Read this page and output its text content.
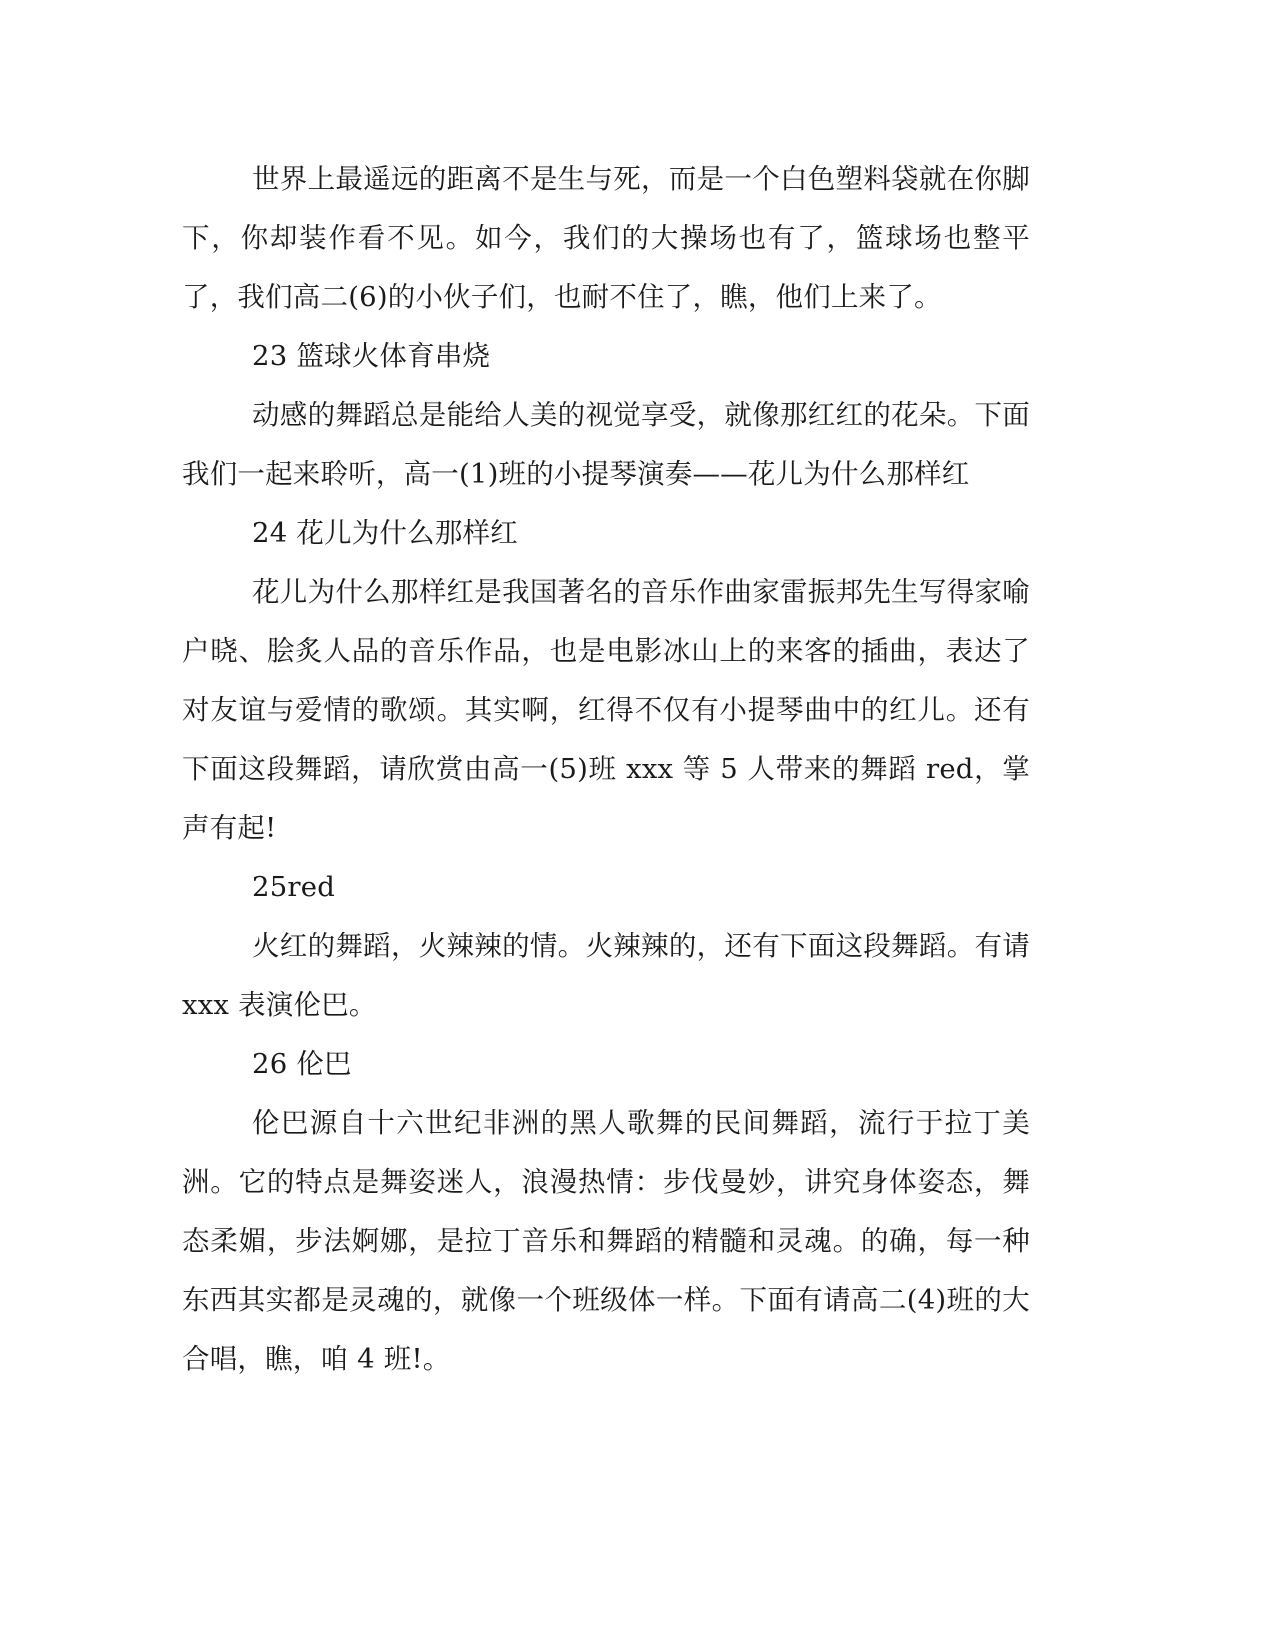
世界上最遥远的距离不是生与死，而是一个白色塑料袋就在你脚下，你却装作看不见。如今，我们的大操场也有了，篮球场也整平了，我们高二(6)的小伙子们，也耐不住了，瞧，他们上来了。

23 篮球火体育串烧

动感的舞蹈总是能给人美的视觉享受，就像那红红的花朵。下面我们一起来聆听，高一(1)班的小提琴演奏——花儿为什么那样红

24 花儿为什么那样红

花儿为什么那样红是我国著名的音乐作曲家雷振邦先生写得家喻户晓、脍炙人品的音乐作品，也是电影冰山上的来客的插曲，表达了对友谊与爱情的歌颂。其实啊，红得不仅有小提琴曲中的红儿。还有下面这段舞蹈，请欣赏由高一(5)班 xxx 等 5 人带来的舞蹈 red，掌声有起!

25red

火红的舞蹈，火辣辣的情。火辣辣的，还有下面这段舞蹈。有请 xxx 表演伦巴。

26 伦巴

伦巴源自十六世纪非洲的黑人歌舞的民间舞蹈，流行于拉丁美洲。它的特点是舞姿迷人，浪漫热情：步伐曼妙，讲究身体姿态，舞态柔媚，步法婀娜，是拉丁音乐和舞蹈的精髓和灵魂。的确，每一种东西其实都是灵魂的，就像一个班级体一样。下面有请高二(4)班的大合唱，瞧，咱 4 班!。
